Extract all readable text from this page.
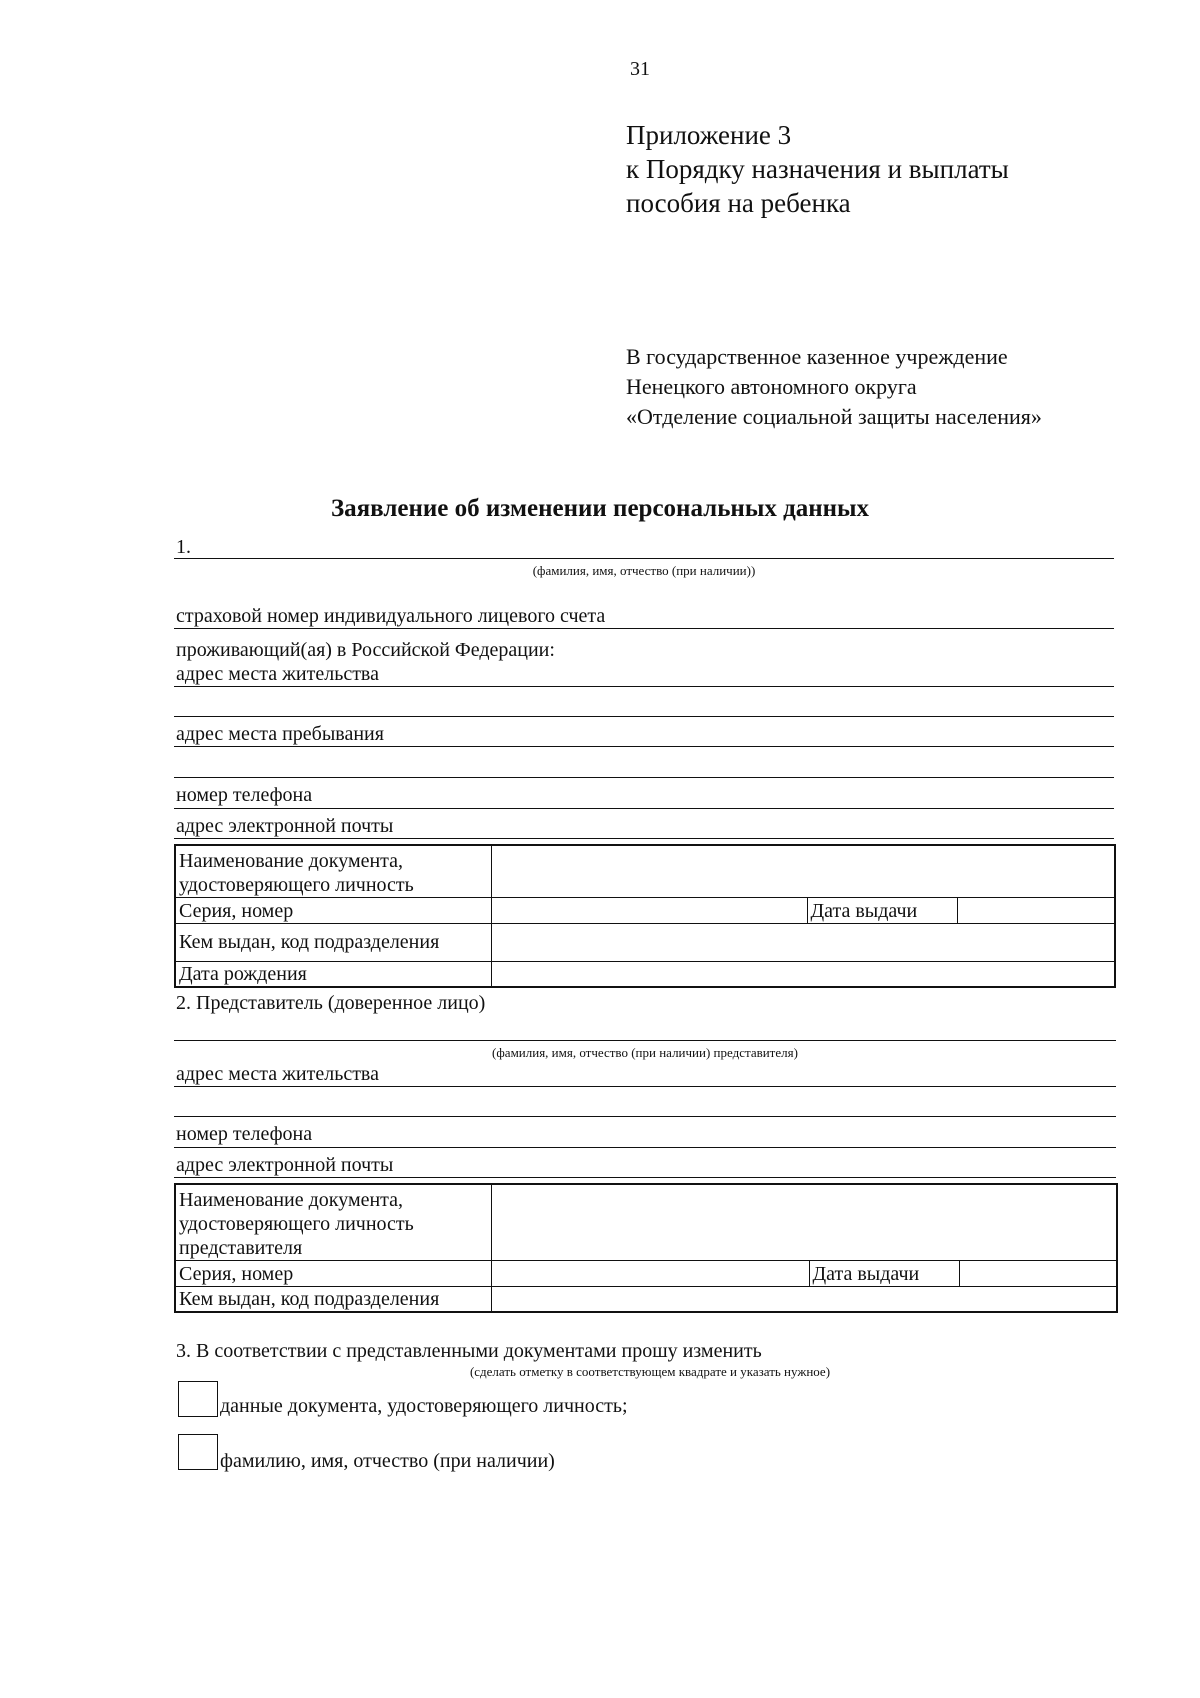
31
Приложение 3
к Порядку назначения и выплаты
пособия на ребенка
В государственное казенное учреждение
Ненецкого автономного округа
«Отделение социальной защиты населения»
Заявление об изменении персональных данных
1.
(фамилия, имя, отчество (при наличии))
страховой номер индивидуального лицевого счета
проживающий(ая) в Российской Федерации:
адрес места жительства
адрес места пребывания
номер телефона
адрес электронной почты
Наименование документа, удостоверяющего личность			
Серия, номер		Дата выдачи	
Кем выдан, код подразделения			
Дата рождения			
2. Представитель (доверенное лицо)
(фамилия, имя, отчество (при наличии) представителя)
адрес места жительства
номер телефона
адрес электронной почты
Наименование документа, удостоверяющего личность представителя			
Серия, номер		Дата выдачи	
Кем выдан, код подразделения			
3. В соответствии с представленными документами прошу изменить
(сделать отметку в соответствующем квадрате и указать нужное)
данные документа, удостоверяющего личность;
фамилию, имя, отчество (при наличии)
